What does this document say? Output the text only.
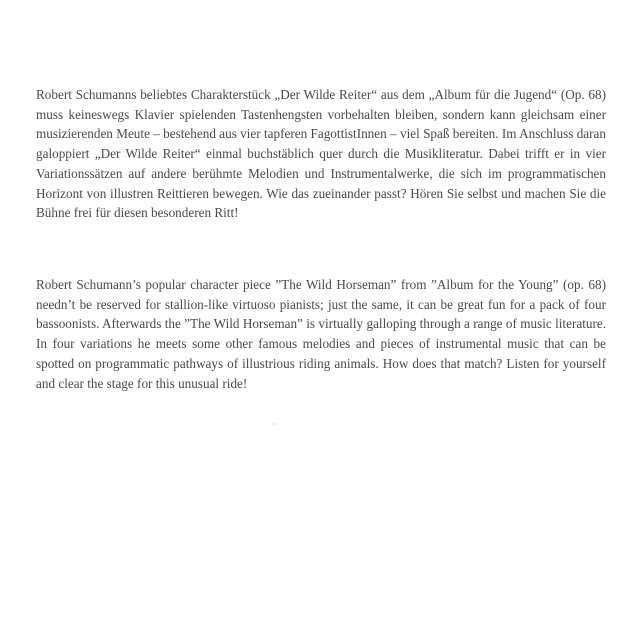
Robert Schumanns beliebtes Charakterstück „Der Wilde Reiter“ aus dem „Album für die Jugend“ (Op. 68) muss keineswegs Klavier spielenden Tastenhengsten vorbehalten bleiben, sondern kann gleichsam einer musizierenden Meute – bestehend aus vier tapferen FagottistInnen – viel Spaß bereiten. Im Anschluss daran galoppiert „Der Wilde Reiter“ einmal buchstäblich quer durch die Musikliteratur. Dabei trifft er in vier Variationssätzen auf andere berühmte Melodien und Instrumentalwerke, die sich im programmatischen Horizont von illustren Reittieren bewegen. Wie das zueinander passt? Hören Sie selbst und machen Sie die Bühne frei für diesen besonderen Ritt!

Robert Schumann’s popular character piece ”The Wild Horseman” from ”Album for the Young” (op. 68) needn’t be reserved for stallion-like virtuoso pianists; just the same, it can be great fun for a pack of four bassoonists. Afterwards the ”The Wild Horseman” is virtually galloping through a range of music literature. In four variations he meets some other famous melodies and pieces of instrumental music that can be spotted on programmatic pathways of illustrious riding animals. How does that match? Listen for yourself and clear the stage for this unusual ride!
